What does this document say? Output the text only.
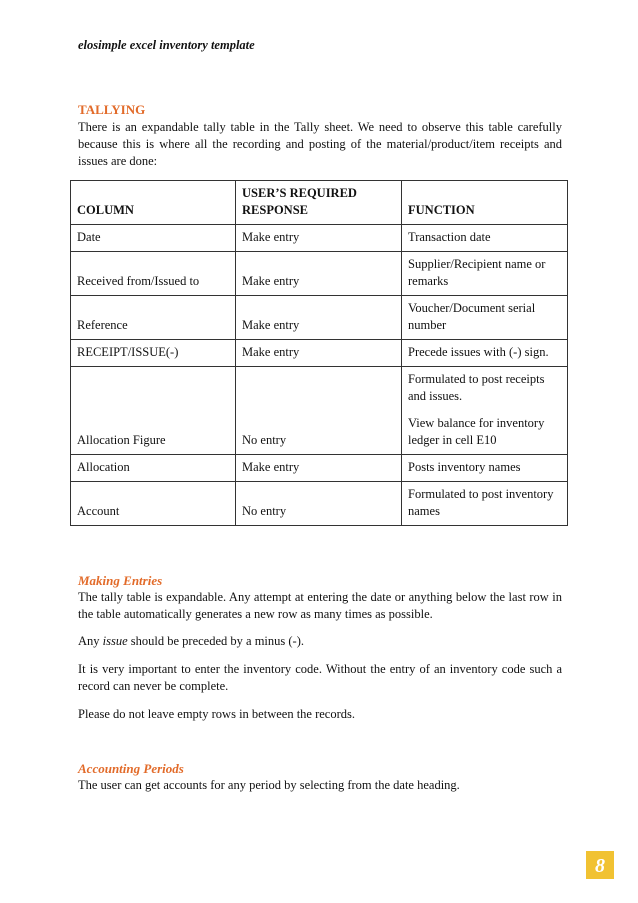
elosimple excel inventory template
TALLYING

There is an expandable tally table in the Tally sheet. We need to observe this table carefully because this is where all the recording and posting of the material/product/item receipts and issues are done:

COLUMN	USER’S REQUIRED RESPONSE	FUNCTION
Date	Make entry	Transaction date

Received from/Issued to	Make entry	Supplier/Recipient name or remarks

Reference	Make entry	Voucher/Document serial number

RECEIPT/ISSUE(-)	Make entry	Precede issues with (-) sign.

Allocation Figure	No entry	Formulated to post receipts and issues.

View balance for inventory ledger in cell E10

Allocation	Make entry	Posts inventory names

Account	No entry	Formulated to post inventory names

Making Entries

The tally table is expandable. Any attempt at entering the date or anything below the last row in the table automatically generates a new row as many times as possible.

Any issue should be preceded by a minus (-).

It is very important to enter the inventory code. Without the entry of an inventory code such a record can never be complete.

Please do not leave empty rows in between the records.

Accounting Periods

The user can get accounts for any period by selecting from the date heading.

8
